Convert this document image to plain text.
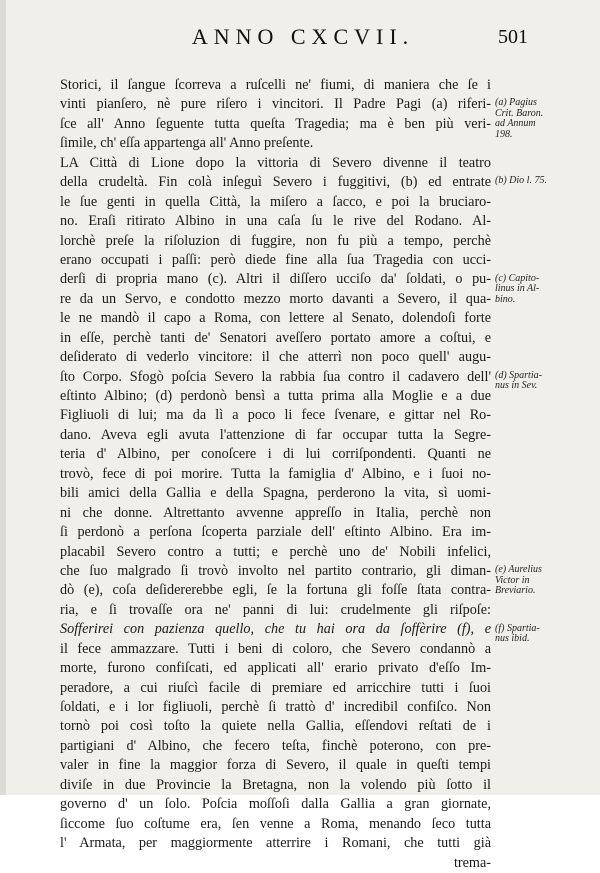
ANNO CXCVII.	501
Storici, il ſangue ſcorreva a ruſcelli ne' fiumi, di maniera che ſe i
vinti pianſero, nè pure riſero i vincitori. Il Padre Pagi (a) riferi-
ſce all' Anno ſeguente tutta queſta Tragedia; ma è ben più veri-
ſimile, ch' eſſa appartenga all' Anno preſente.
LA Città di Lione dopo la vittoria di Severo divenne il teatro
della crudeltà. Fin colà inſeguì Severo i fuggitivi, (b) ed entrate
le ſue genti in quella Città, la miſero a ſacco, e poi la bruciaro-
no. Eraſi ritirato Albino in una caſa ſu le rive del Rodano. Al-
lorchè preſe la riſoluzion di fuggire, non fu più a tempo, perchè
erano occupati i paſſi: però diede fine alla ſua Tragedia con ucci-
derſi di propria mano (c). Altri il diſſero ucciſo da' ſoldati, o pu-
re da un Servo, e condotto mezzo morto davanti a Severo, il qua-
le ne mandò il capo a Roma, con lettere al Senato, dolendoſi forte
in eſſe, perchè tanti de' Senatori aveſſero portato amore a coſtui, e
deſiderato di vederlo vincitore: il che atterrì non poco quell' augu-
ſto Corpo. Sfogò poſcia Severo la rabbia ſua contro il cadavero dell'
eſtinto Albino; (d) perdonò bensì a tutta prima alla Moglie e a due
Figliuoli di lui; ma da lì a poco li fece ſvenare, e gittar nel Ro-
dano. Aveva egli avuta l'attenzione di far occupar tutta la Segre-
teria d' Albino, per conoſcere i di lui corriſpondenti. Quanti ne
trovò, fece di poi morire. Tutta la famiglia d' Albino, e i ſuoi no-
bili amici della Gallia e della Spagna, perderono la vita, sì uomi-
ni che donne. Altrettanto avvenne appreſſo in Italia, perchè non
ſi perdonò a perſona ſcoperta parziale dell' eſtinto Albino. Era im-
placabil Severo contro a tutti; e perchè uno de' Nobili infelici,
che ſuo malgrado ſi trovò involto nel partito contrario, gli diman-
dò (e), coſa deſidererebbe egli, ſe la fortuna gli foſſe ſtata contra-
ria, e ſi trovaſſe ora ne' panni di lui: crudelmente gli riſpoſe:
Sofferirei con pazienza quello, che tu hai ora da ſoffèrire (f), e
il fece ammazzare. Tutti i beni di coloro, che Severo condannò a
morte, furono confiſcati, ed applicati all' erario privato d'eſſo Im-
peradore, a cui riuſcì facile di premiare ed arricchire tutti i ſuoi
ſoldati, e i lor figliuoli, perchè ſi trattò d' incredibil confiſco. Non
tornò poi così toſto la quiete nella Gallia, eſſendovi reſtati de i
partigiani d' Albino, che fecero teſta, finchè poterono, con pre-
valer in fine la maggior forza di Severo, il quale in queſti tempi
diviſe in due Provincie la Bretagna, non la volendo più ſotto il
governo d' un ſolo. Poſcia moſſoſi dalla Gallia a gran giornate,
ſiccome ſuo coſtume era, ſen venne a Roma, menando ſeco tutta
l' Armata, per maggiormente atterrire i Romani, che tutti già
trema-
(a) Pagius
Crit. Baron.
ad Annum
198.
(b) Dio l. 75.
(c) Capito-
linus in Al-
bino.
(d) Spartia-
nus in Sev.
(e) Aurelius
Victor in
Breviario.
(f) Spartia-
nus ibid.
